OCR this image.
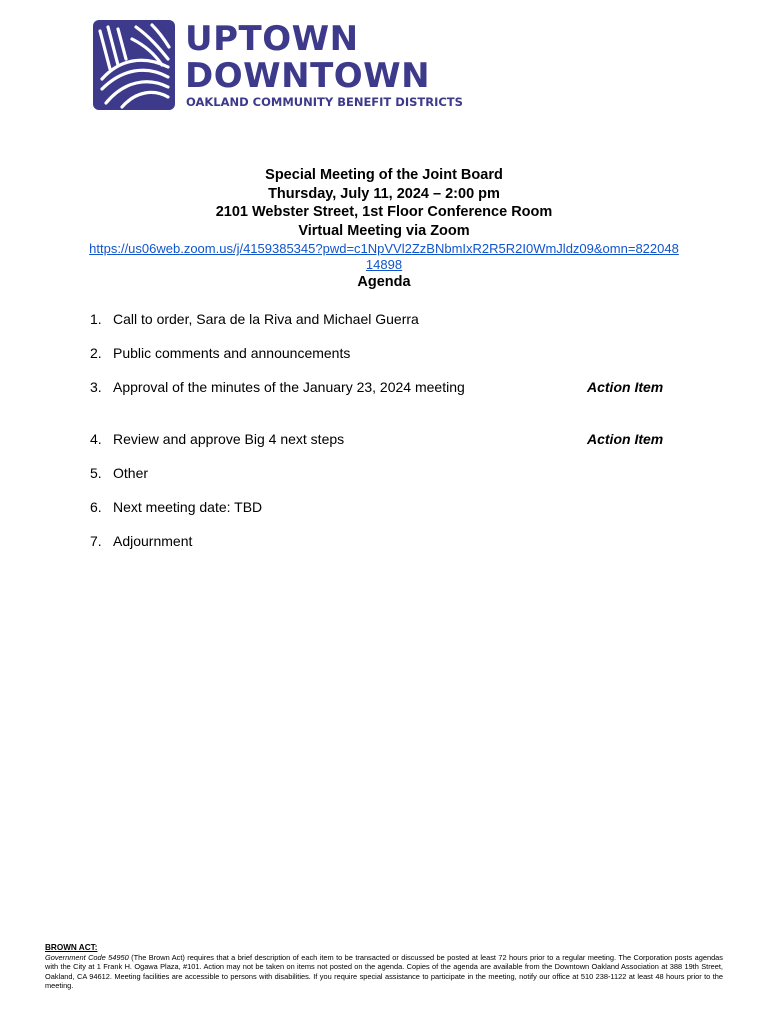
UPTOWN
DOWNTOWN
OAKLAND COMMUNITY BENEFIT DISTRICTS
Special Meeting of the Joint Board
Thursday, July 11, 2024 – 2:00 pm
2101 Webster Street, 1st Floor Conference Room
Virtual Meeting via Zoom
https://us06web.zoom.us/j/4159385345?pwd=c1NpVVl2ZzBNbmIxR2R5R2I0WmJldz09&omn=82204814898
Agenda
1. Call to order, Sara de la Riva and Michael Guerra
2. Public comments and announcements
3. Approval of the minutes of the January 23, 2024 meeting	Action Item
4. Review and approve Big 4 next steps	Action Item
5. Other
6. Next meeting date: TBD
7. Adjournment
BROWN ACT:
Government Code 54950 (The Brown Act) requires that a brief description of each item to be transacted or discussed be posted at least 72 hours prior to a regular meeting. The Corporation posts agendas with the City at 1 Frank H. Ogawa Plaza, #101. Action may not be taken on items not posted on the agenda. Copies of the agenda are available from the Downtown Oakland Association at 388 19th Street, Oakland, CA 94612. Meeting facilities are accessible to persons with disabilities. If you require special assistance to participate in the meeting, notify our office at 510 238-1122 at least 48 hours prior to the meeting.
